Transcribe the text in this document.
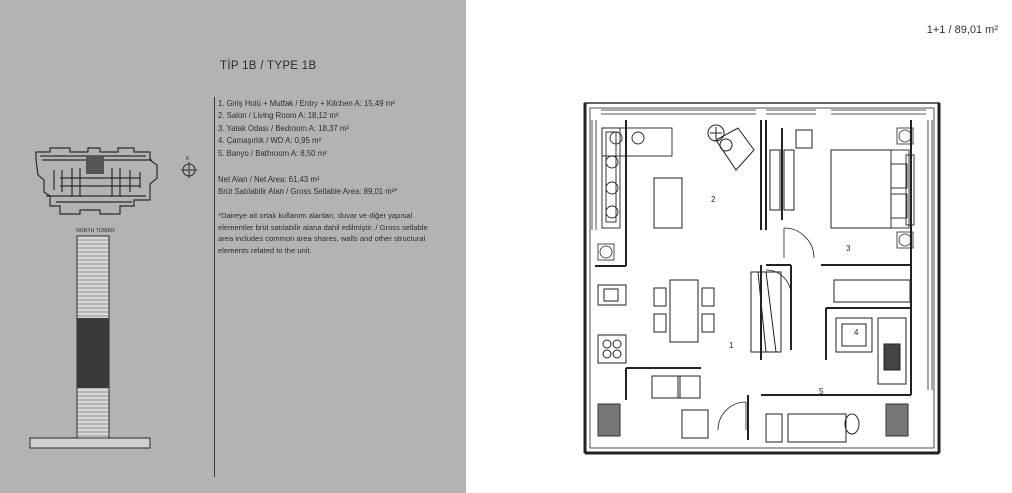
K
NORTH TOWER
TİP 1B / TYPE 1B
1. Giriş Holü + Mutfak / Entry + Kitchen A: 15,49 m²
2. Salon / Living Room A: 18,12 m²
3. Yatak Odası / Bedroom A: 18,37 m²
4. Çamaşırlık / WD A: 0,95 m²
5. Banyo / Bathroom A: 8,50 m²
Net Alan / Net Area: 61,43 m²
Brüt Satılabilir Alan / Gross Sellable Area: 89,01 m²*
*Daireye ait ortak kullanım alanları, duvar ve diğer yapısal elementler brüt satılabilir alana dahil edilmiştir. / Gross sellable area includes common area shares, walls and other structural elements related to the unit.
1+1 / 89,01 m²
2
3
1
4
5
